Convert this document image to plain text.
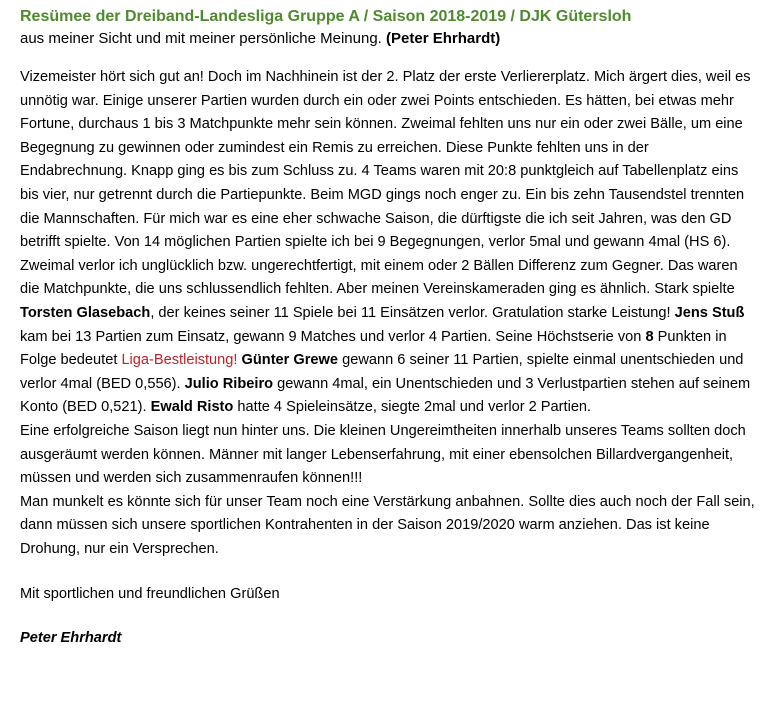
Resümee der Dreiband-Landesliga Gruppe A / Saison 2018-2019 / DJK Gütersloh

aus meiner Sicht und mit meiner persönliche Meinung. (Peter Ehrhardt)

Vizemeister hört sich gut an! Doch im Nachhinein ist der 2. Platz der erste Verliererplatz. Mich ärgert dies, weil es unnötig war. Einige unserer Partien wurden durch ein oder zwei Points entschieden. Es hätten, bei etwas mehr Fortune, durchaus 1 bis 3 Matchpunkte mehr sein können. Zweimal fehlten uns nur ein oder zwei Bälle, um eine Begegnung zu gewinnen oder zumindest ein Remis zu erreichen. Diese Punkte fehlten uns in der Endabrechnung. Knapp ging es bis zum Schluss zu. 4 Teams waren mit 20:8 punktgleich auf Tabellenplatz eins bis vier, nur getrennt durch die Partiepunkte. Beim MGD gings noch enger zu. Ein bis zehn Tausendstel trennten die Mannschaften. Für mich war es eine eher schwache Saison, die dürftigste die ich seit Jahren, was den GD betrifft spielte. Von 14 möglichen Partien spielte ich bei 9 Begegnungen, verlor 5mal und gewann 4mal (HS 6). Zweimal verlor ich unglücklich bzw. ungerechtfertigt, mit einem oder 2 Bällen Differenz zum Gegner. Das waren die Matchpunkte, die uns schlussendlich fehlten. Aber meinen Vereinskameraden ging es ähnlich. Stark spielte Torsten Glasebach, der keines seiner 11 Spiele bei 11 Einsätzen verlor. Gratulation starke Leistung! Jens Stuß kam bei 13 Partien zum Einsatz, gewann 9 Matches und verlor 4 Partien. Seine Höchstserie von 8 Punkten in Folge bedeutet Liga-Bestleistung! Günter Grewe gewann 6 seiner 11 Partien, spielte einmal unentschieden und verlor 4mal (BED 0,556). Julio Ribeiro gewann 4mal, ein Unentschieden und 3 Verlustpartien stehen auf seinem Konto (BED 0,521). Ewald Risto hatte 4 Spieleinsätze, siegte 2mal und verlor 2 Partien.

Eine erfolgreiche Saison liegt nun hinter uns. Die kleinen Ungereimtheiten innerhalb unseres Teams sollten doch ausgeräumt werden können. Männer mit langer Lebenserfahrung, mit einer ebensolchen Billardvergangenheit, müssen und werden sich zusammenraufen können!!!

Man munkelt es könnte sich für unser Team noch eine Verstärkung anbahnen. Sollte dies auch noch der Fall sein, dann müssen sich unsere sportlichen Kontrahenten in der Saison 2019/2020 warm anziehen. Das ist keine Drohung, nur ein Versprechen.

Mit sportlichen und freundlichen Grüßen

Peter Ehrhardt
